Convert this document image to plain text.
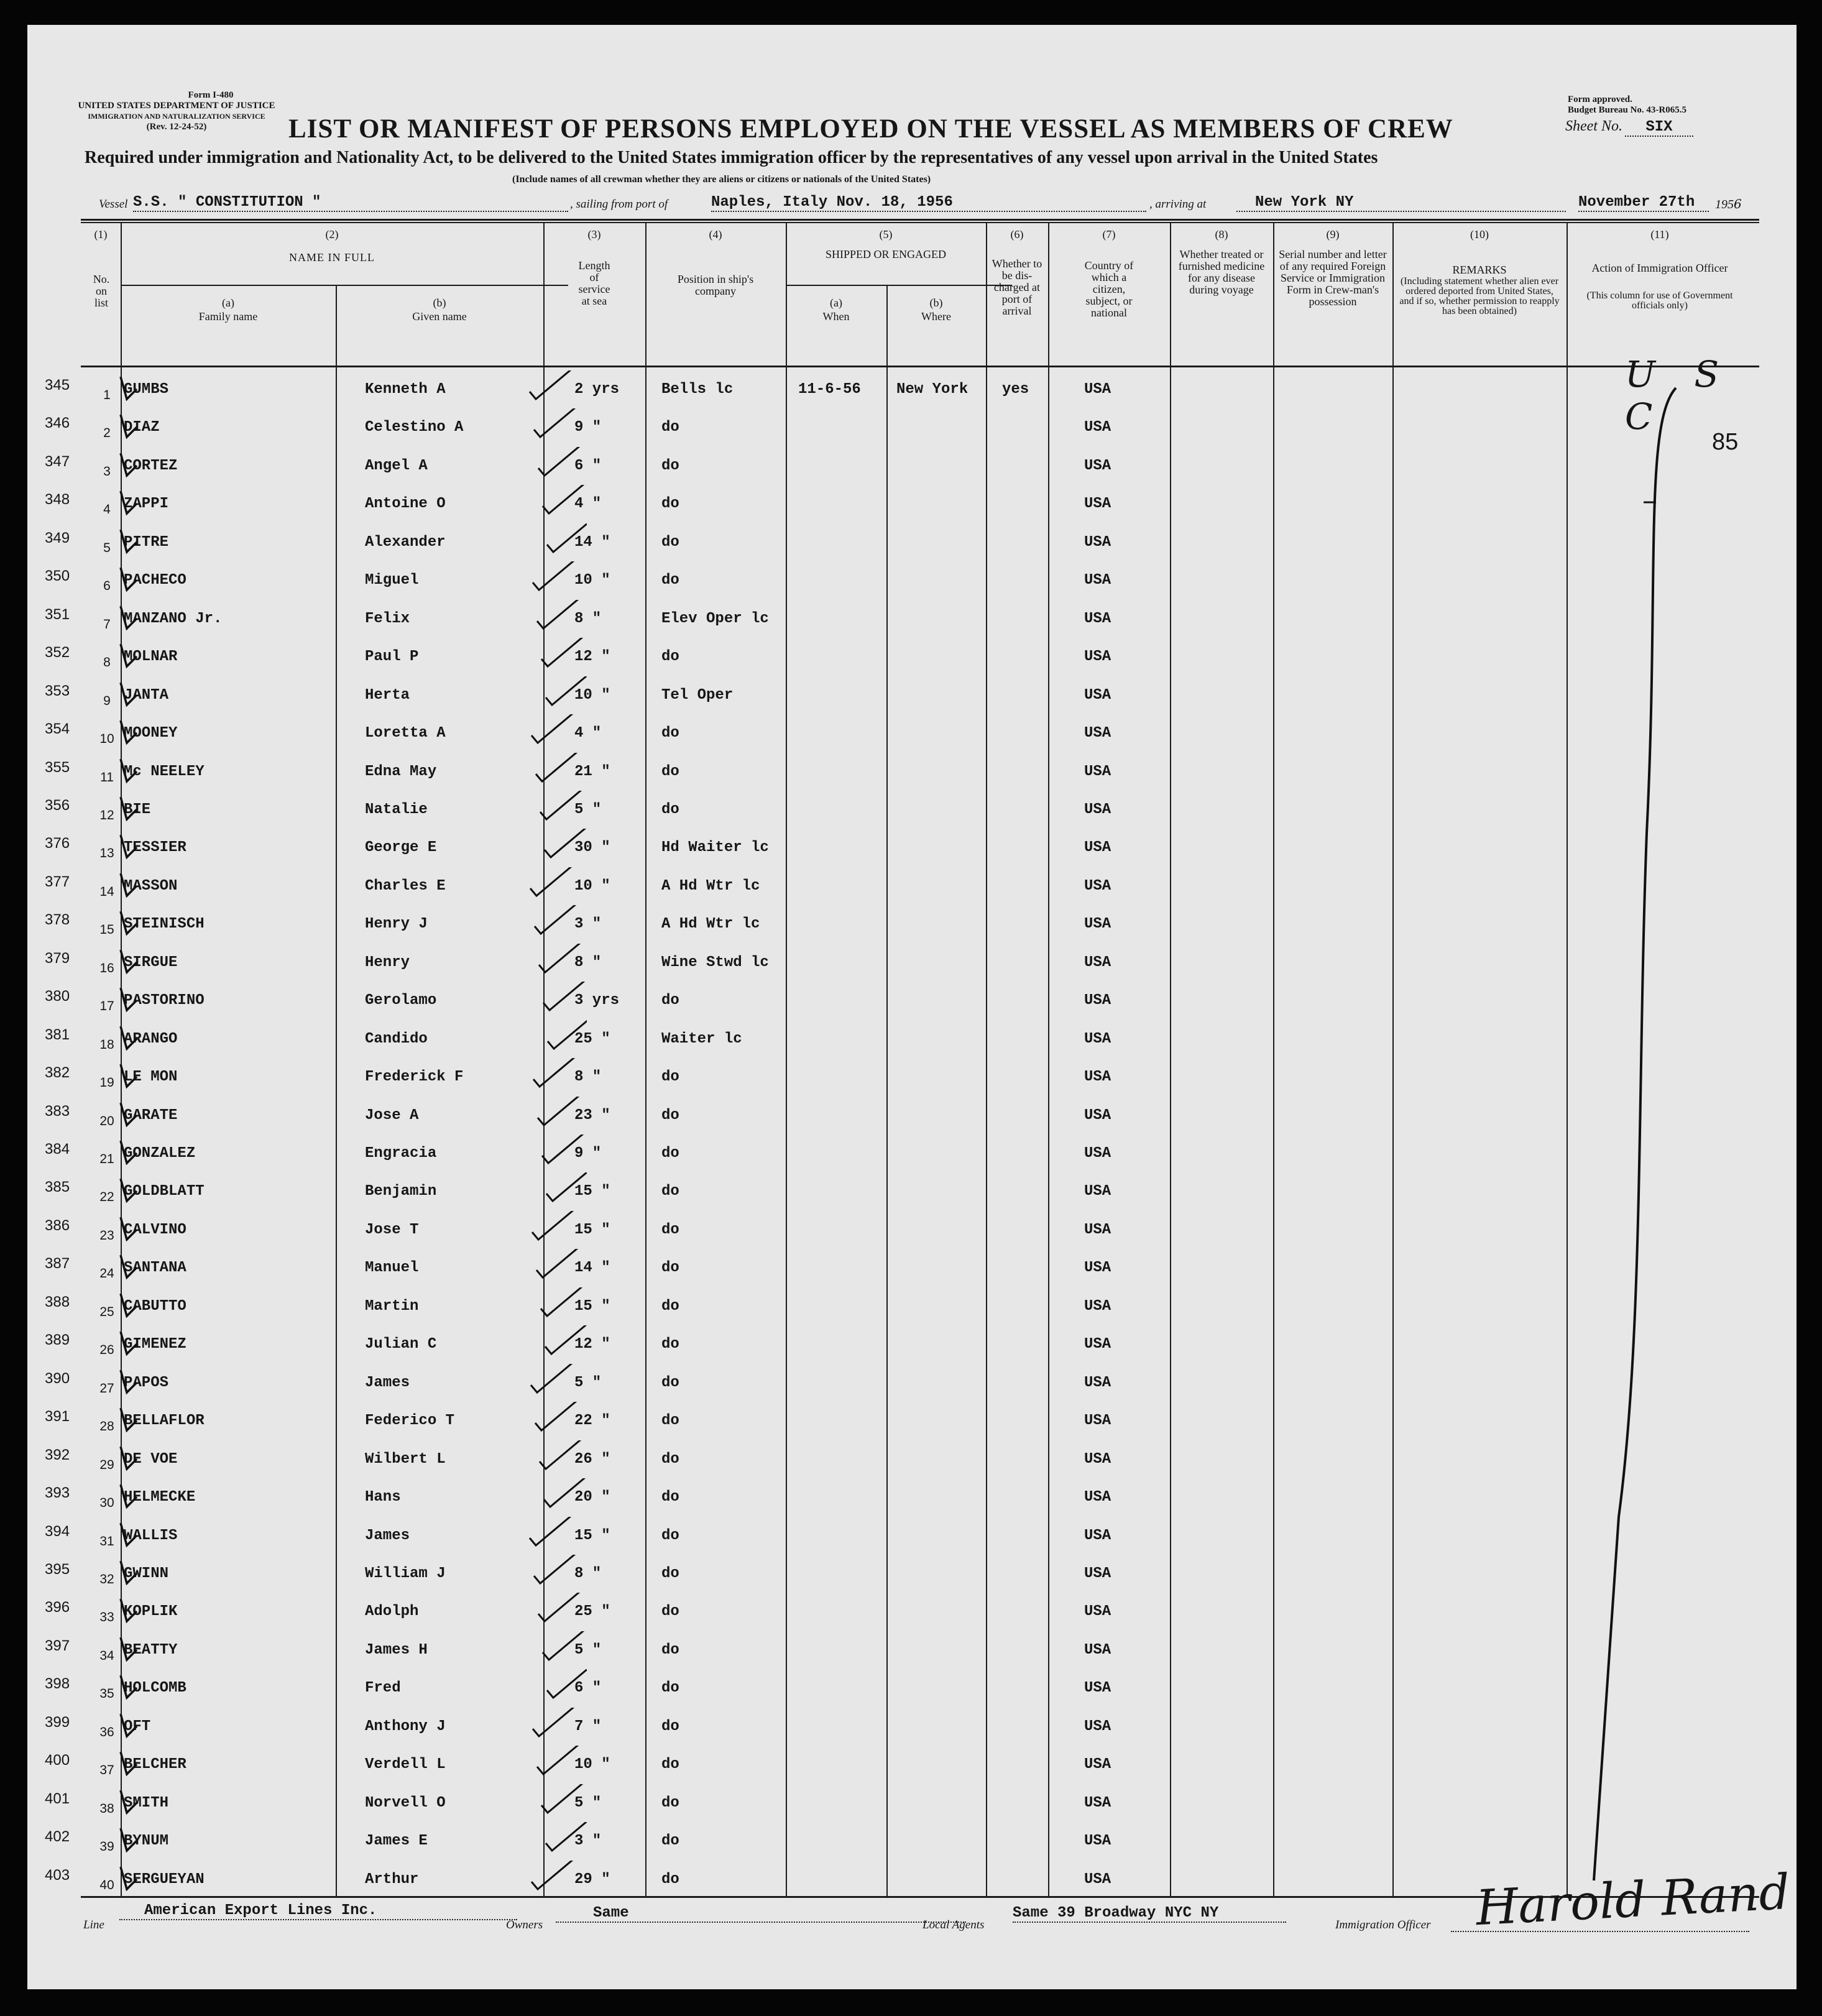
Form I-480
UNITED STATES DEPARTMENT OF JUSTICE
IMMIGRATION AND NATURALIZATION SERVICE
(Rev. 12-24-52)
Form approved.
Budget Bureau No. 43-R065.5
LIST OR MANIFEST OF PERSONS EMPLOYED ON THE VESSEL AS MEMBERS OF CREW	Sheet No. SIX
Required under immigration and Nationality Act, to be delivered to the United States immigration officer by the representatives of any vessel upon arrival in the United States
(Include names of all crewman whether they are aliens or citizens or nationals of the United States)
Vessel S.S. " CONSTITUTION "	, sailing from port of	Naples, Italy Nov. 18, 1956	, arriving at	New York NY	November 27th	1956
(1)
No. on list
(2)
NAME IN FULL
(a)
Family name
(b)
Given name
(3)
Length of service at sea
(4)
Position in ship's company
(5)
SHIPPED OR ENGAGED
(a)
When
(b)
Where
(6)
Whether to be dis-charged at port of arrival
(7)
Country of which a citizen, subject, or national
(8)
Whether treated or furnished medicine for any disease during voyage
(9)
Serial number and letter of any required Foreign Service or Immigration Form in Crew-man's possession
(10)
REMARKS
(Including statement whether alien ever ordered deported from United States, and if so, whether permission to reapply has been obtained)
(11)
Action of Immigration Officer
(This column for use of Government officials only)
345
1 GUMBS	Kenneth A	2 yrs	Bells lc	11-6-56 New York yes	USA
346
2 DIAZ	Celestino A	9 "	do	USA
347
3 CORTEZ	Angel A	6 "	do	USA
348
4 ZAPPI	Antoine O	4 "	do	USA
349
5 PITRE	Alexander	14 "	do	USA
350
6 PACHECO	Miguel	10 "	do	USA
351
7 MANZANO Jr.	Felix	8 "	Elev Oper lc	USA
352
8 MOLNAR	Paul P	12 "	do	USA
353
9 JANTA	Herta	10 "	Tel Oper	USA
354
10 MOONEY	Loretta A	4 "	do	USA
355
11 Mc NEELEY	Edna May	21 "	do	USA
356
12 BIE	Natalie	5 "	do	USA
376
13 TESSIER	George E	30 "	Hd Waiter lc	USA
377
14 MASSON	Charles E	10 "	A Hd Wtr lc	USA
378
15 STEINISCH	Henry J	3 "	A Hd Wtr lc	USA
379
16 SIRGUE	Henry	8 "	Wine Stwd lc	USA
380
17 PASTORINO	Gerolamo	3 yrs	do	USA
381
18 ARANGO	Candido	25 "	Waiter lc	USA
382
19 LE MON	Frederick F	8 "	do	USA
383
20 GARATE	Jose A	23 "	do	USA
384
21 GONZALEZ	Engracia	9 "	do	USA
385
22 GOLDBLATT	Benjamin	15 "	do	USA
386
23 CALVINO	Jose T	15 "	do	USA
387
24 SANTANA	Manuel	14 "	do	USA
388
25 CABUTTO	Martin	15 "	do	USA
389
26 GIMENEZ	Julian C	12 "	do	USA
390
27 PAPOS	James	5 "	do	USA
391
28 BELLAFLOR	Federico T	22 "	do	USA
392
29 DE VOE	Wilbert L	26 "	do	USA
393
30 HELMECKE	Hans	20 "	do	USA
394
31 WALLIS	James	15 "	do	USA
395
32 GWINN	William J	8 "	do	USA
396
33 KOPLIK	Adolph	25 "	do	USA
397
34 BEATTY	James H	5 "	do	USA
398
35 HOLCOMB	Fred	6 "	do	USA
399
36 OFT	Anthony J	7 "	do	USA
400
37 BELCHER	Verdell L	10 "	do	USA
401
38 SMITH	Norvell O	5 "	do	USA
402
39 BYNUM	James E	3 "	do	USA
403
40 SERGUEYAN	Arthur	29 "	do	USA
U S C
85
Line
American Export Lines Inc.
Owners
Same
Local Agents
Same 39 Broadway NYC NY
Immigration Officer Harold Rand
